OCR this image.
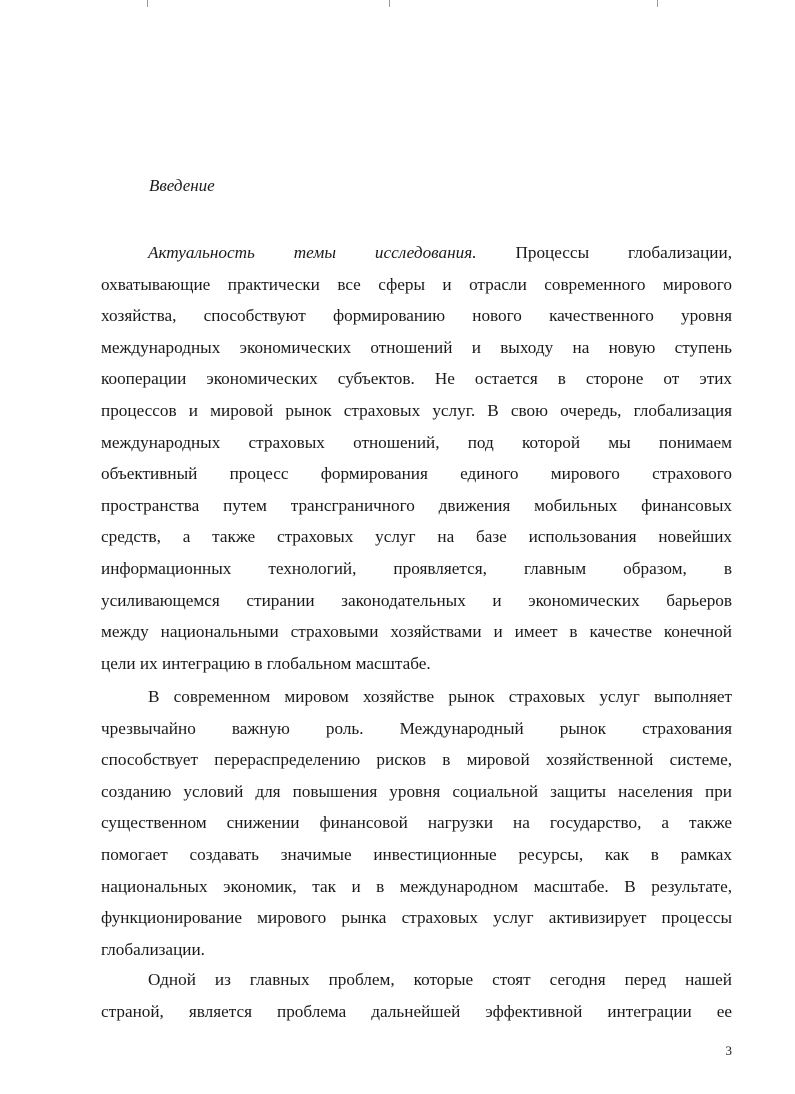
Введение
Актуальность темы исследования. Процессы глобализации,
охватывающие практически все сферы и отрасли современного мирового
хозяйства, способствуют формированию нового качественного уровня
международных экономических отношений и выходу на новую ступень
кооперации экономических субъектов. Не остается в стороне от этих
процессов и мировой рынок страховых услуг. В свою очередь, глобализация
международных страховых отношений, под которой мы понимаем
объективный процесс формирования единого мирового страхового
пространства путем трансграничного движения мобильных финансовых
средств, а также страховых услуг на базе использования новейших
информационных технологий, проявляется, главным образом, в
усиливающемся стирании законодательных и экономических барьеров
между национальными страховыми хозяйствами и имеет в качестве конечной
цели их интеграцию в глобальном масштабе.
В современном мировом хозяйстве рынок страховых услуг выполняет
чрезвычайно важную роль. Международный рынок страхования
способствует перераспределению рисков в мировой хозяйственной системе,
созданию условий для повышения уровня социальной защиты населения при
существенном снижении финансовой нагрузки на государство, а также
помогает создавать значимые инвестиционные ресурсы, как в рамках
национальных экономик, так и в международном масштабе. В результате,
функционирование мирового рынка страховых услуг активизирует процессы
глобализации.
Одной из главных проблем, которые стоят сегодня перед нашей
страной, является проблема дальнейшей эффективной интеграции ее
3
